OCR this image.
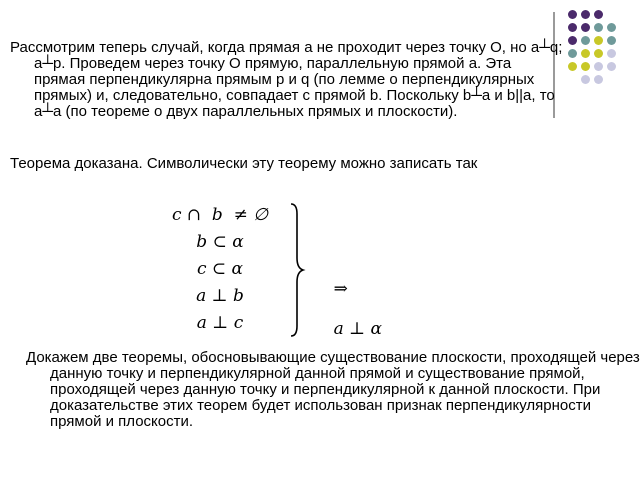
Рассмотрим теперь случай, когда прямая a не проходит через точку O, но a┴q; a┴p. Проведем через точку O прямую, параллельную прямой a. Эта прямая перпендикулярна прямым p и q (по лемме о перпендикулярных прямых) и, следовательно, совпадает с прямой b. Поскольку b┴a и b||a, то a┴a (по теореме о двух параллельных прямых и плоскости).

Теорема доказана. Символически эту теорему можно записать так

c ∩  b  ≠ ∅
b ⊂ α
c ⊂ α
a ⊥ b
a ⊥ c

⇒

a ⊥ α

Докажем две теоремы, обосновывающие существование плоскости, проходящей через данную точку и перпендикулярной данной прямой и существование прямой, проходящей через данную точку и перпендикулярной к данной плоскости. При доказательстве этих теорем будет использован признак перпендикулярности прямой и плоскости.
